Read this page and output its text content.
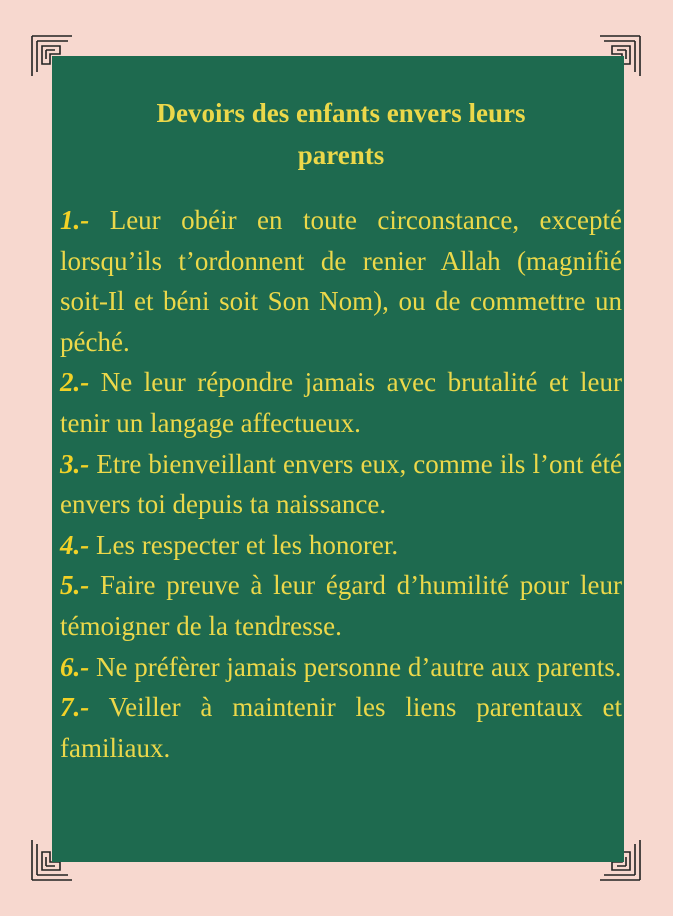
Devoirs des enfants envers leurs parents
1.- Leur obéir en toute circonstance, excepté lorsqu’ils t’ordonnent de renier Allah (magnifié soit-Il et béni soit Son Nom), ou de commettre un péché.
2.- Ne leur répondre jamais avec brutalité et leur tenir un langage affectueux.
3.- Etre bienveillant envers eux, comme ils l’ont été envers toi depuis ta naissance.
4.- Les respecter et les honorer.
5.- Faire preuve à leur égard d’humilité pour leur témoigner de la tendresse.
6.- Ne préfèrer jamais personne d’autre aux parents.
7.- Veiller à maintenir les liens parentaux et familiaux.
